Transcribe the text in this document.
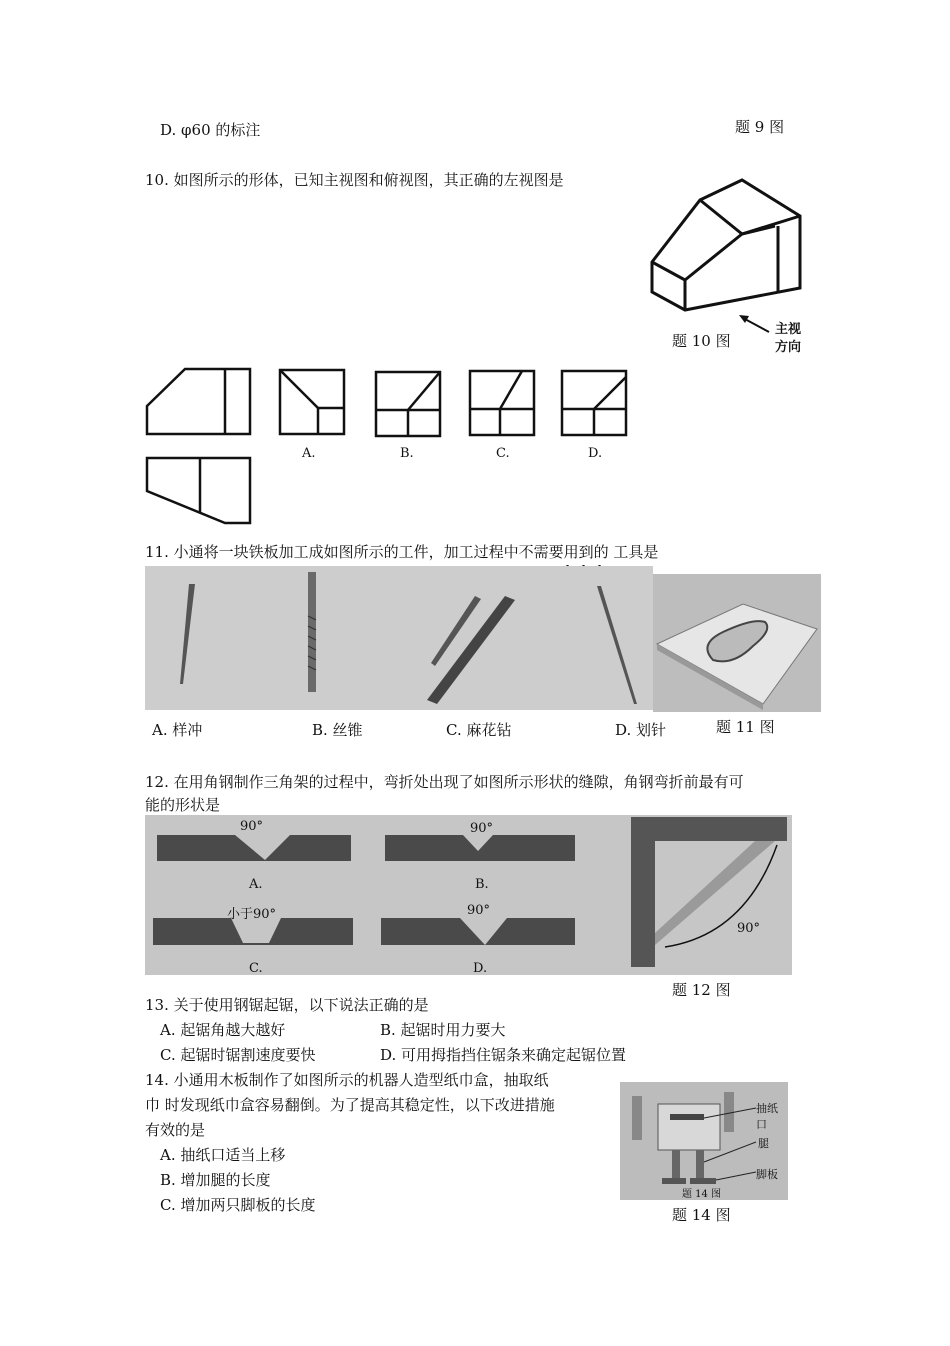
D. φ60 的标注	题 9 图
10. 如图所示的形体，已知主视图和俯视图，其正确的左视图是
题 10 图
主视
方向
A.	B.	C.	D.
11. 小通将一块铁板加工成如图所示的工件，加工过程中不需要用到的 工具是
A. 样冲	B. 丝锥	C. 麻花钻	D. 划针	题 11 图
12. 在用角钢制作三角架的过程中，弯折处出现了如图所示形状的缝隙，角钢弯折前最有可
能的形状是
90°	90°
小于90°	90°
A.	B.
C.	D.
90°
题 12 图
13. 关于使用钢锯起锯，以下说法正确的是
A. 起锯角越大越好	B. 起锯时用力要大
C. 起锯时锯割速度要快	D. 可用拇指挡住锯条来确定起锯位置
14. 小通用木板制作了如图所示的机器人造型纸巾盒，抽取纸
巾 时发现纸巾盒容易翻倒。为了提高其稳定性，以下改进措施
有效的是
A. 抽纸口适当上移
B. 增加腿的长度
C. 增加两只脚板的长度
抽纸口
腿
脚板
题 14 图
题 14 图
